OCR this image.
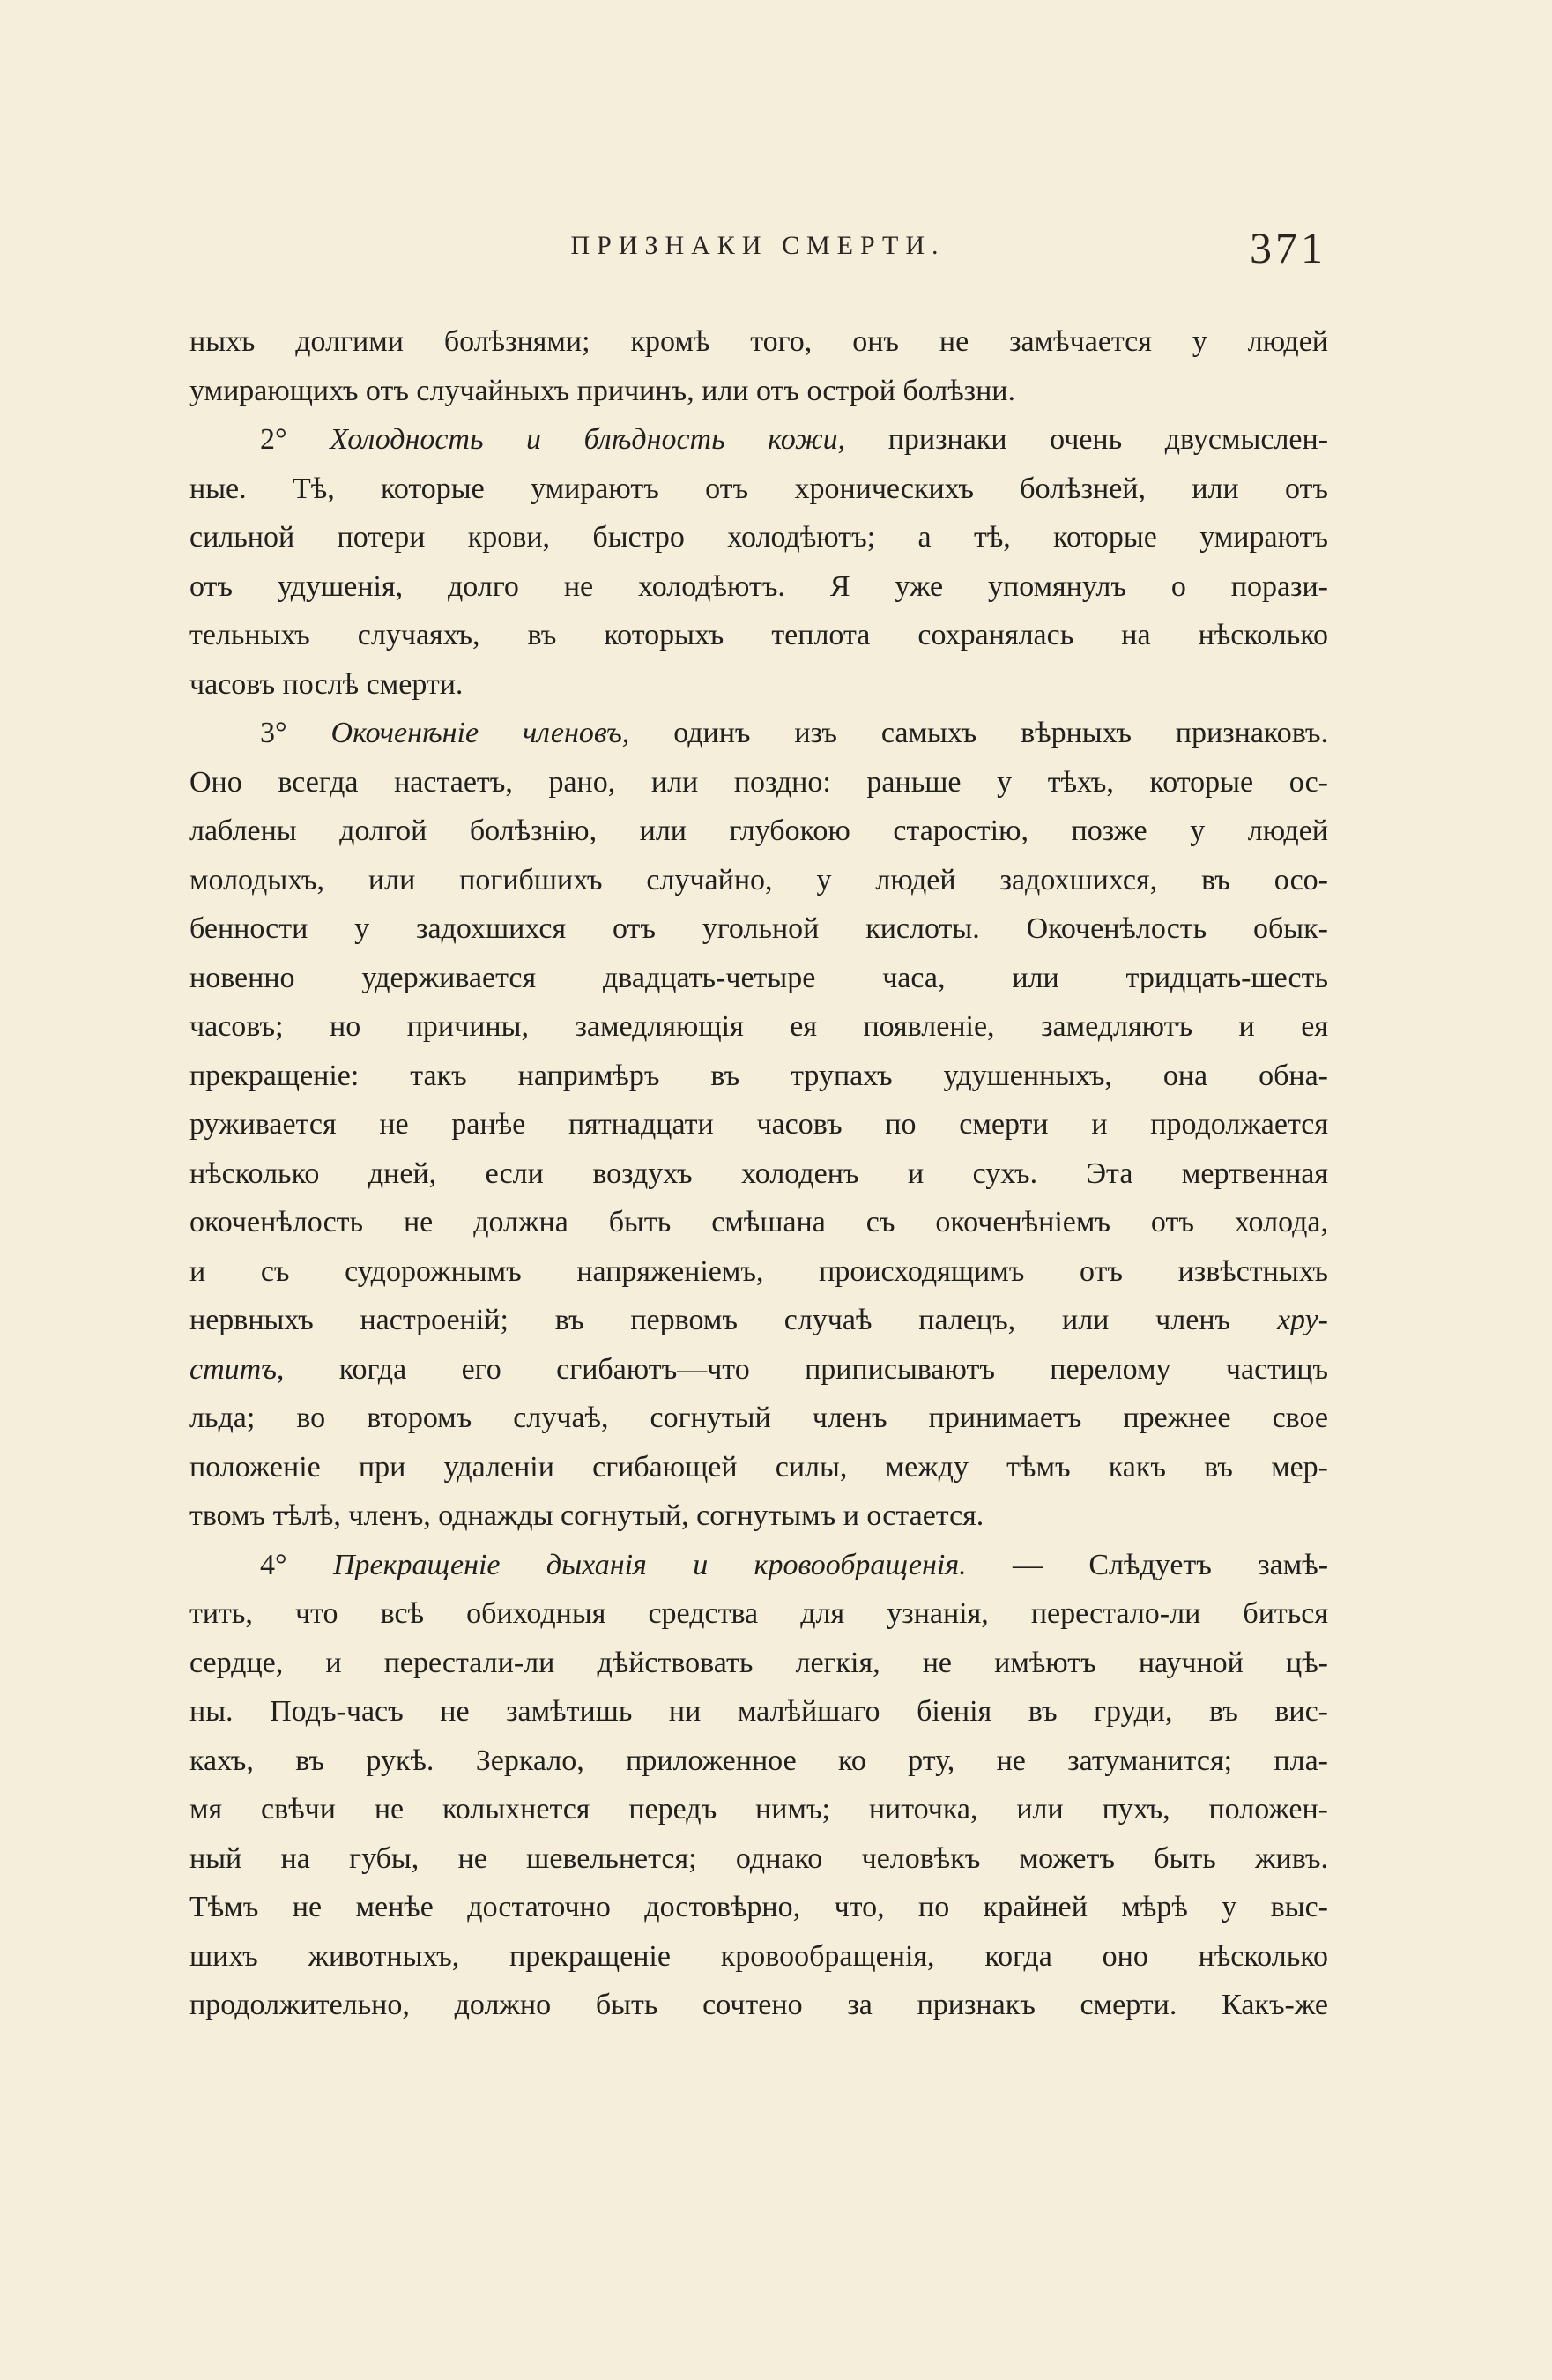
ПРИЗНАКИ СМЕРТИ.	371
ныхъ долгими болѣзнями; кромѣ того, онъ не замѣчается у людей
умирающихъ отъ случайныхъ причинъ, или отъ острой болѣзни.
2° Холодность и блѣдность кожи, признаки очень двусмыслен-
ные. Тѣ, которые умираютъ отъ хроническихъ болѣзней, или отъ
сильной потери крови, быстро холодѣютъ; а тѣ, которые умираютъ
отъ удушенія, долго не холодѣютъ. Я уже упомянулъ о порази-
тельныхъ случаяхъ, въ которыхъ теплота сохранялась на нѣсколько
часовъ послѣ смерти.
3° Окоченѣніе членовъ, одинъ изъ самыхъ вѣрныхъ признаковъ.
Оно всегда настаетъ, рано, или поздно: раньше у тѣхъ, которые ос-
лаблены долгой болѣзнію, или глубокою старостію, позже у людей
молодыхъ, или погибшихъ случайно, у людей задохшихся, въ осо-
бенности у задохшихся отъ угольной кислоты. Окоченѣлость обык-
новенно удерживается двадцать-четыре часа, или тридцать-шесть
часовъ; но причины, замедляющія ея появленіе, замедляютъ и ея
прекращеніе: такъ напримѣръ въ трупахъ удушенныхъ, она обна-
руживается не ранѣе пятнадцати часовъ по смерти и продолжается
нѣсколько дней, если воздухъ холоденъ и сухъ. Эта мертвенная
окоченѣлость не должна быть смѣшана съ окоченѣніемъ отъ холода,
и съ судорожнымъ напряженіемъ, происходящимъ отъ извѣстныхъ
нервныхъ настроеній; въ первомъ случаѣ палецъ, или членъ хру-
ститъ, когда его сгибаютъ—что приписываютъ перелому частицъ
льда; во второмъ случаѣ, согнутый членъ принимаетъ прежнее свое
положеніе при удаленіи сгибающей силы, между тѣмъ какъ въ мер-
твомъ тѣлѣ, членъ, однажды согнутый, согнутымъ и остается.
4° Прекращеніе дыханія и кровообращенія. — Слѣдуетъ замѣ-
тить, что всѣ обиходныя средства для узнанія, перестало-ли биться
сердце, и перестали-ли дѣйствовать легкія, не имѣютъ научной цѣ-
ны. Подъ-часъ не замѣтишь ни малѣйшаго біенія въ груди, въ вис-
кахъ, въ рукѣ. Зеркало, приложенное ко рту, не затуманится; пла-
мя свѣчи не колыхнется передъ нимъ; ниточка, или пухъ, положен-
ный на губы, не шевельнется; однако человѣкъ можетъ быть живъ.
Тѣмъ не менѣе достаточно достовѣрно, что, по крайней мѣрѣ у выс-
шихъ животныхъ, прекращеніе кровообращенія, когда оно нѣсколько
продолжительно, должно быть сочтено за признакъ смерти. Какъ-же
